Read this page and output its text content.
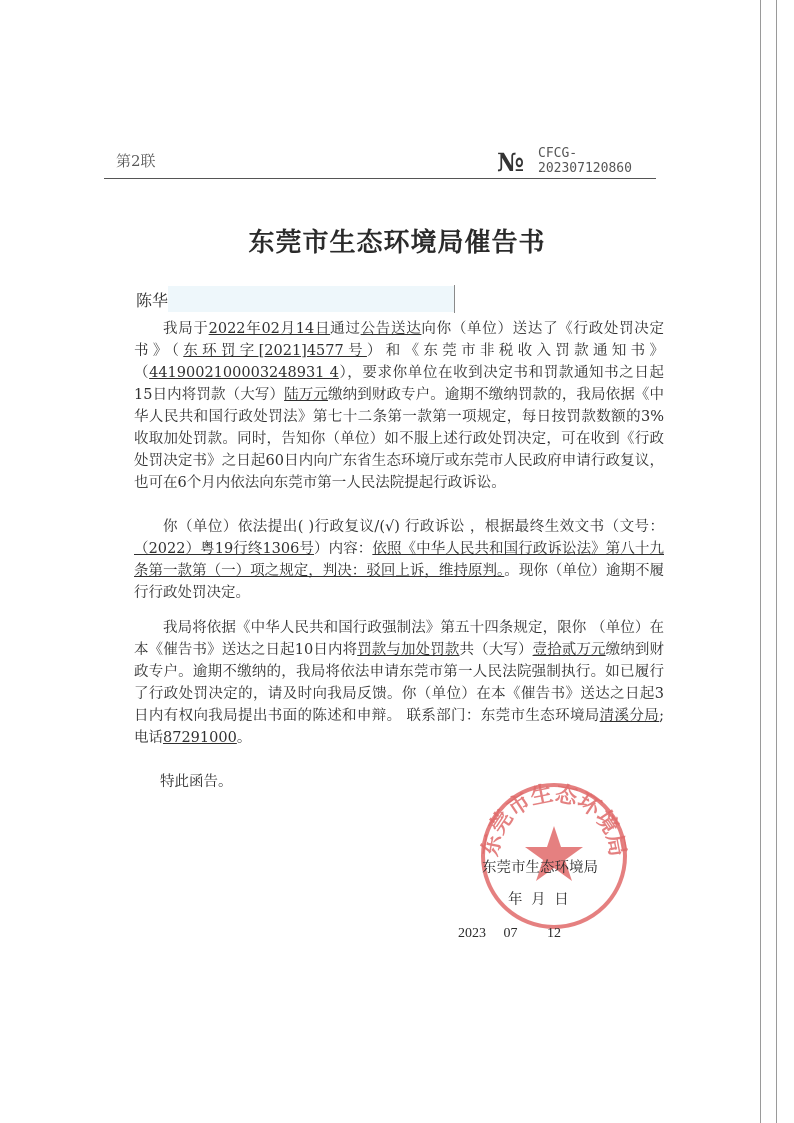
第2联	№ CFCG-202307120860
东莞市生态环境局催告书
陈华
我局于2022年02月14日通过公告送达向你（单位）送达了《行政处罚决定书》（东环罚字[2021]4577号）和《东莞市非税收入罚款通知书》（4419002100003248931 4），要求你单位在收到决定书和罚款通知书之日起15日内将罚款（大写）陆万元缴纳到财政专户。逾期不缴纳罚款的，我局依据《中华人民共和国行政处罚法》第七十二条第一款第一项规定，每日按罚款数额的3%收取加处罚款。同时，告知你（单位）如不服上述行政处罚决定，可在收到《行政处罚决定书》之日起60日内向广东省生态环境厅或东莞市人民政府申请行政复议，也可在6个月内依法向东莞市第一人民法院提起行政诉讼。
你（单位）依法提出( )行政复议/(√) 行政诉讼 ，根据最终生效文书（文号：（2022）粤19行终1306号）内容：依照《中华人民共和国行政诉讼法》第八十九条第一款第（一）项之规定，判决：驳回上诉，维持原判。。现你（单位）逾期不履行行政处罚决定。
我局将依据《中华人民共和国行政强制法》第五十四条规定，限你 （单位）在本《催告书》送达之日起10日内将罚款与加处罚款共（大写）壹拾贰万元缴纳到财政专户。逾期不缴纳的，我局将依法申请东莞市第一人民法院强制执行。如已履行了行政处罚决定的，请及时向我局反馈。你（单位）在本《催告书》送达之日起3日内有权向我局提出书面的陈述和申辩。 联系部门：东莞市生态环境局清溪分局;电话87291000。
特此函告。
东莞市生态环境局
东莞市生态环境局
年 月 日
2023 07 12
